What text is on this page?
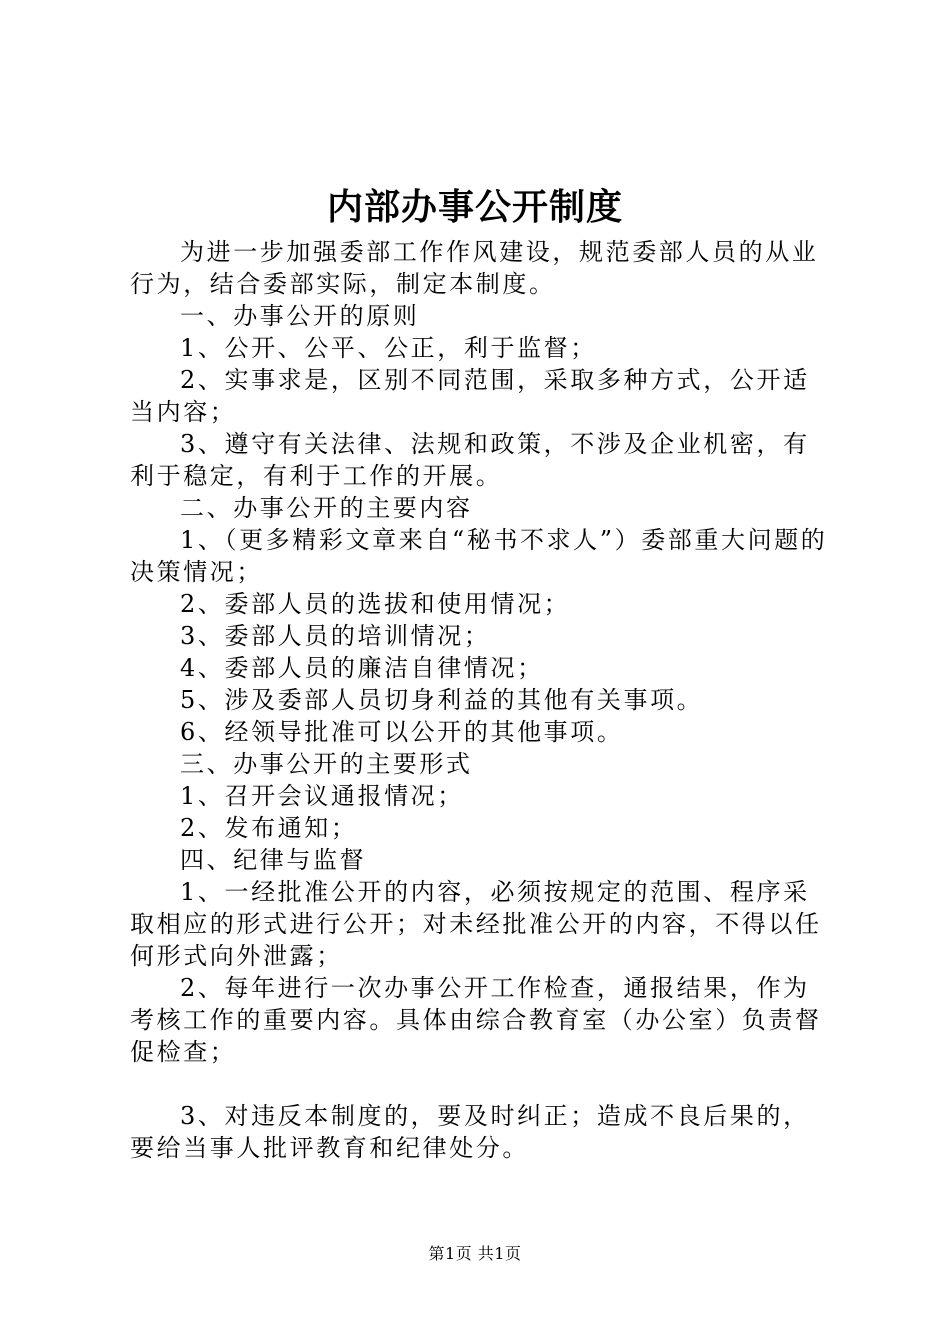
内部办事公开制度

为进一步加强委部工作作风建设，规范委部人员的从业行为，结合委部实际，制定本制度。

一、办事公开的原则

1、公开、公平、公正，利于监督；

2、实事求是，区别不同范围，采取多种方式，公开适当内容；

3、遵守有关法律、法规和政策，不涉及企业机密，有利于稳定，有利于工作的开展。

二、办事公开的主要内容

1、（更多精彩文章来自“秘书不求人”）委部重大问题的决策情况；

2、委部人员的选拔和使用情况；

3、委部人员的培训情况；

4、委部人员的廉洁自律情况；

5、涉及委部人员切身利益的其他有关事项。

6、经领导批准可以公开的其他事项。

三、办事公开的主要形式

1、召开会议通报情况；

2、发布通知；

四、纪律与监督

1、一经批准公开的内容，必须按规定的范围、程序采取相应的形式进行公开；对未经批准公开的内容，不得以任何形式向外泄露；

2、每年进行一次办事公开工作检查，通报结果，作为考核工作的重要内容。具体由综合教育室（办公室）负责督促检查；

3、对违反本制度的，要及时纠正；造成不良后果的，要给当事人批评教育和纪律处分。

第1页 共1页
